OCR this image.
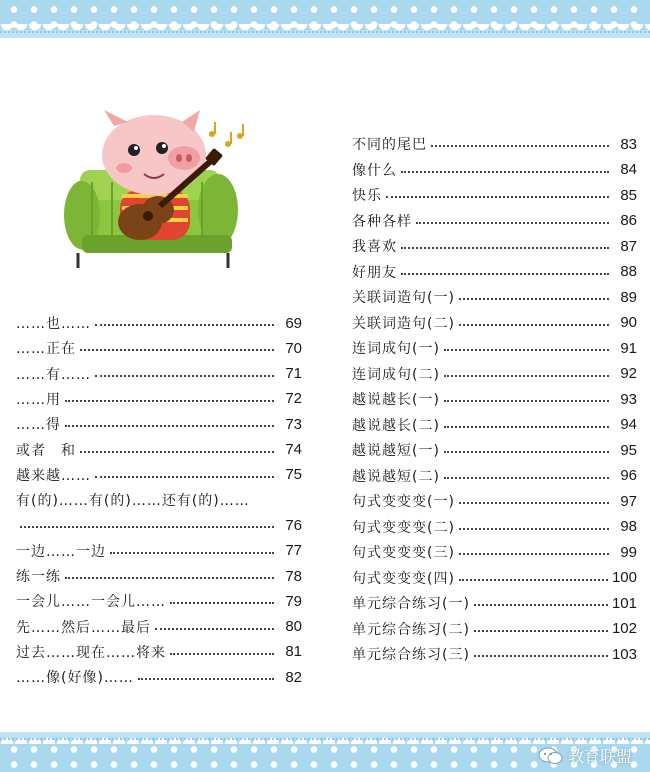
……也……	69
……正在	70
……有……	71
……用	72
……得	73
或者　和	74
越来越……	75
有(的)……有(的)……还有(的)……
76
一边……一边	77
练一练	78
一会儿……一会儿……	79
先……然后……最后	80
过去……现在……将来	81
……像(好像)……	82
不同的尾巴	83
像什么	84
快乐	85
各种各样	86
我喜欢	87
好朋友	88
关联词造句(一)	89
关联词造句(二)	90
连词成句(一)	91
连词成句(二)	92
越说越长(一)	93
越说越长(二)	94
越说越短(一)	95
越说越短(二)	96
句式变变变(一)	97
句式变变变(二)	98
句式变变变(三)	99
句式变变变(四)	100
单元综合练习(一)	101
单元综合练习(二)	102
单元综合练习(三)	103
教育联盟
